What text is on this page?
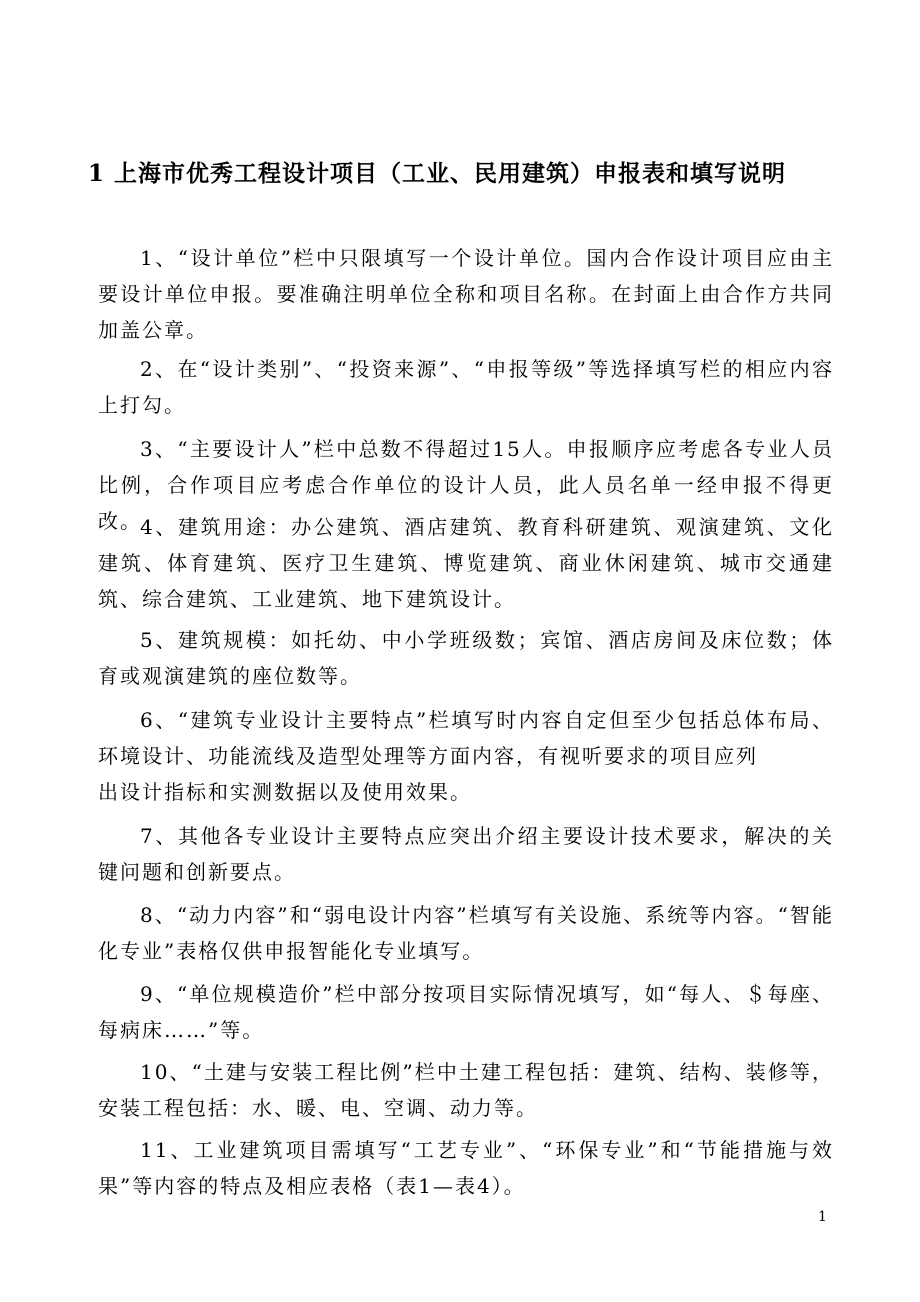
1 上海市优秀工程设计项目（工业、民用建筑）申报表和填写说明
1、“设计单位”栏中只限填写一个设计单位。国内合作设计项目应由主要设计单位申报。要准确注明单位全称和项目名称。在封面上由合作方共同加盖公章。
2、在“设计类别”、“投资来源”、“申报等级”等选择填写栏的相应内容上打勾。
3、“主要设计人”栏中总数不得超过15人。申报顺序应考虑各专业人员比例，合作项目应考虑合作单位的设计人员，此人员名单一经申报不得更改。
4、建筑用途：办公建筑、酒店建筑、教育科研建筑、观演建筑、文化建筑、体育建筑、医疗卫生建筑、博览建筑、商业休闲建筑、城市交通建筑、综合建筑、工业建筑、地下建筑设计。
5、建筑规模：如托幼、中小学班级数；宾馆、酒店房间及床位数；体育或观演建筑的座位数等。
6、“建筑专业设计主要特点”栏填写时内容自定但至少包括总体布局、环境设计、功能流线及造型处理等方面内容，有视听要求的项目应列
出设计指标和实测数据以及使用效果。
7、其他各专业设计主要特点应突出介绍主要设计技术要求，解决的关键问题和创新要点。
8、“动力内容”和“弱电设计内容”栏填写有关设施、系统等内容。“智能化专业”表格仅供申报智能化专业填写。
9、“单位规模造价”栏中部分按项目实际情况填写，如“每人、＄每座、每病床……”等。
10、“土建与安装工程比例”栏中土建工程包括：建筑、结构、装修等，安装工程包括：水、暖、电、空调、动力等。
11、工业建筑项目需填写“工艺专业”、“环保专业”和“节能措施与效果”等内容的特点及相应表格（表1—表4）。
1
